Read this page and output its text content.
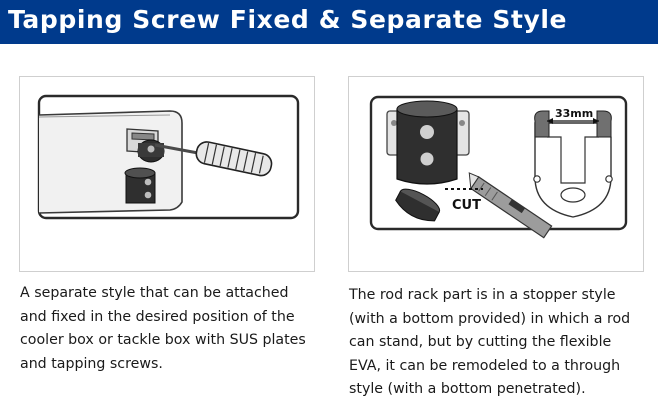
Tapping Screw Fixed & Separate Style
A separate style that can be attached
and fixed in the desired position of the
cooler box or tackle box with SUS plates
and tapping screws.
CUT
33mm
The rod rack part is in a stopper style
(with a bottom provided) in which a rod
can stand, but by cutting the flexible
EVA, it can be remodeled to a through
style (with a bottom penetrated).
